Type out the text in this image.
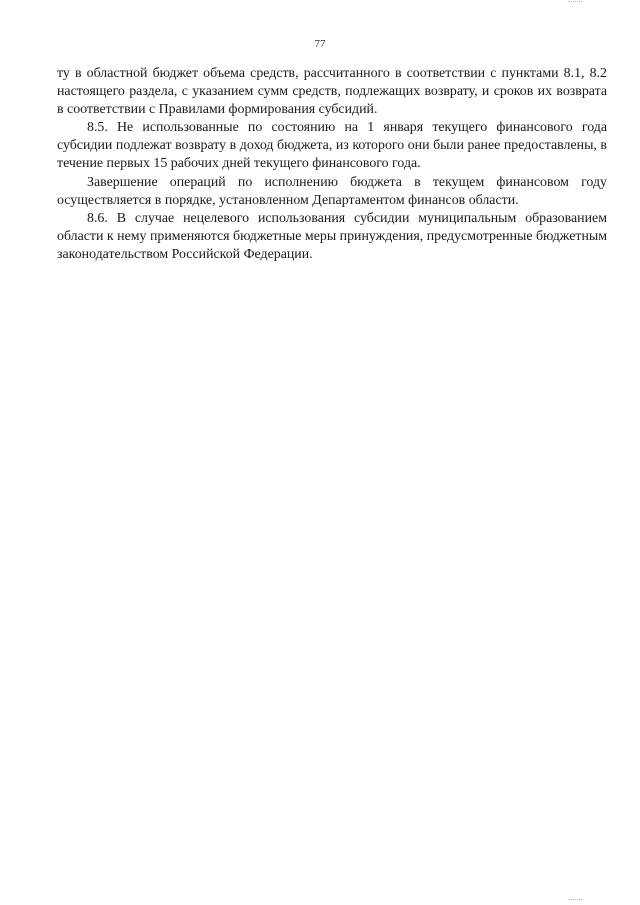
77

ту в областной бюджет объема средств, рассчитанного в соответствии с пунктами 8.1, 8.2 настоящего раздела, с указанием сумм средств, подлежащих возврату, и сроков их возврата в соответствии с Правилами формирования субсидий.

8.5. Не использованные по состоянию на 1 января текущего финансового года субсидии подлежат возврату в доход бюджета, из которого они были ранее предоставлены, в течение первых 15 рабочих дней текущего финансового года.

Завершение операций по исполнению бюджета в текущем финансовом году осуществляется в порядке, установленном Департаментом финансов области.

8.6. В случае нецелевого использования субсидии муниципальным образованием области к нему применяются бюджетные меры принуждения, предусмотренные бюджетным законодательством Российской Федерации.
